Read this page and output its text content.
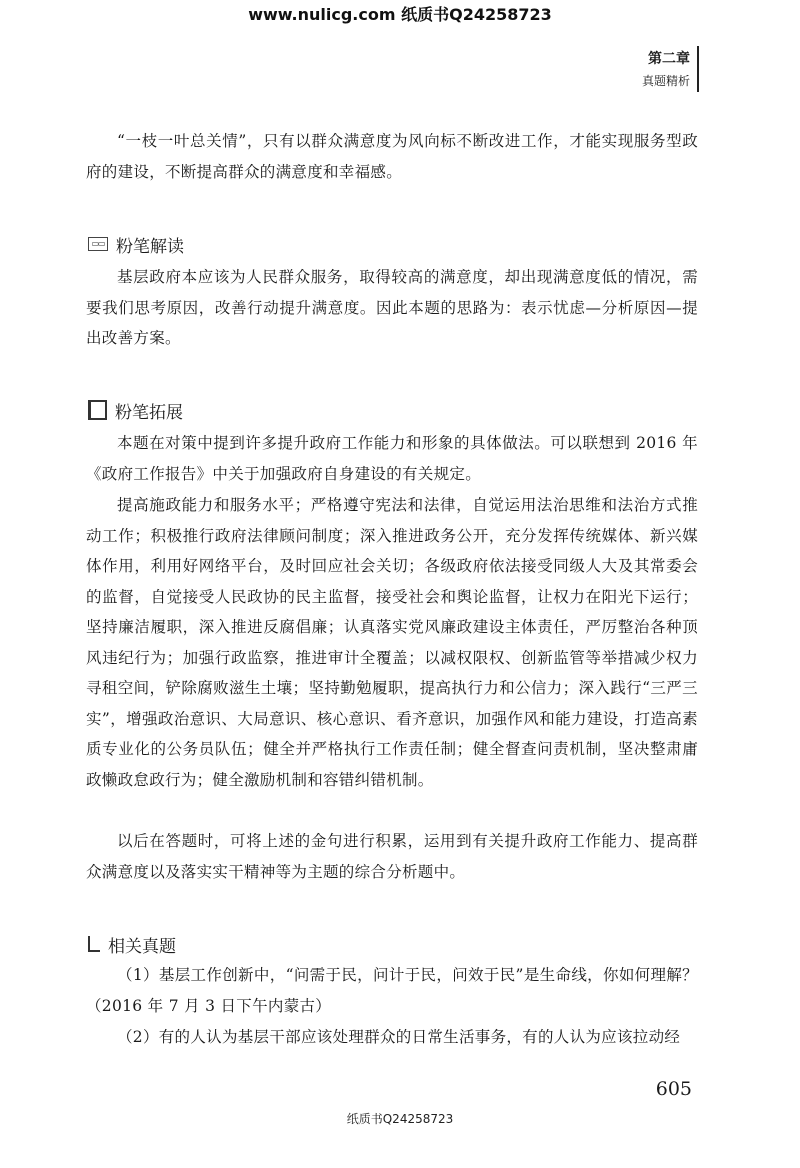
www.nulicg.com 纸质书Q24258723
第二章
真题精析

“一枝一叶总关情”，只有以群众满意度为风向标不断改进工作，才能实现服务型政府的建设，不断提高群众的满意度和幸福感。

▭▭ 粉笔解读

基层政府本应该为人民群众服务，取得较高的满意度，却出现满意度低的情况，需要我们思考原因，改善行动提升满意度。因此本题的思路为：表示忧虑—分析原因—提出改善方案。

粉笔拓展

本题在对策中提到许多提升政府工作能力和形象的具体做法。可以联想到 2016 年《政府工作报告》中关于加强政府自身建设的有关规定。

提高施政能力和服务水平；严格遵守宪法和法律，自觉运用法治思维和法治方式推动工作；积极推行政府法律顾问制度；深入推进政务公开，充分发挥传统媒体、新兴媒体作用，利用好网络平台，及时回应社会关切；各级政府依法接受同级人大及其常委会的监督，自觉接受人民政协的民主监督，接受社会和舆论监督，让权力在阳光下运行；坚持廉洁履职，深入推进反腐倡廉；认真落实党风廉政建设主体责任，严厉整治各种顶风违纪行为；加强行政监察，推进审计全覆盖；以减权限权、创新监管等举措减少权力寻租空间，铲除腐败滋生土壤；坚持勤勉履职，提高执行力和公信力；深入践行“三严三实”，增强政治意识、大局意识、核心意识、看齐意识，加强作风和能力建设，打造高素质专业化的公务员队伍；健全并严格执行工作责任制；健全督查问责机制，坚决整肃庸政懒政怠政行为；健全激励机制和容错纠错机制。

以后在答题时，可将上述的金句进行积累，运用到有关提升政府工作能力、提高群众满意度以及落实实干精神等为主题的综合分析题中。

相关真题

（1）基层工作创新中，“问需于民，问计于民，问效于民”是生命线，你如何理解？（2016 年 7 月 3 日下午内蒙古）

（2）有的人认为基层干部应该处理群众的日常生活事务，有的人认为应该拉动经

605
纸质书Q24258723
